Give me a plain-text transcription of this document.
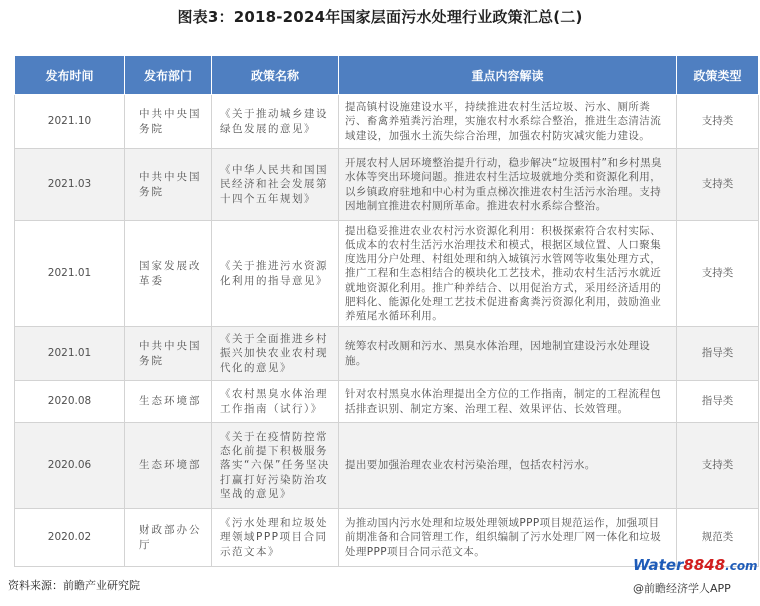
图表3：2018-2024年国家层面污水处理行业政策汇总(二)
发布时间	发布部门	政策名称	重点内容解读	政策类型
2021.10	中共中央国务院	《关于推动城乡建设绿色发展的意见》	提高镇村设施建设水平，持续推进农村生活垃圾、污水、厕所粪污、畜禽养殖粪污治理，实施农村水系综合整治，推进生态清洁流域建设，加强水土流失综合治理，加强农村防灾减灾能力建设。	支持类
2021.03	中共中央国务院	《中华人民共和国国民经济和社会发展第十四个五年规划》	开展农村人居环境整治提升行动，稳步解决“垃圾围村”和乡村黑臭水体等突出环境问题。推进农村生活垃圾就地分类和资源化利用，以乡镇政府驻地和中心村为重点梯次推进农村生活污水治理。支持因地制宜推进农村厕所革命。推进农村水系综合整治。	支持类
2021.01	国家发展改革委	《关于推进污水资源化利用的指导意见》	提出稳妥推进农业农村污水资源化利用：积极探索符合农村实际、低成本的农村生活污水治理技术和模式，根据区域位置、人口聚集度选用分户处理、村组处理和纳入城镇污水管网等收集处理方式，推广工程和生态相结合的模块化工艺技术，推动农村生活污水就近就地资源化利用。推广种养结合、以用促治方式，采用经济适用的肥料化、能源化处理工艺技术促进畜禽粪污资源化利用，鼓励渔业养殖尾水循环利用。	支持类
2021.01	中共中央国务院	《关于全面推进乡村振兴加快农业农村现代化的意见》	统筹农村改厕和污水、黑臭水体治理，因地制宜建设污水处理设施。	指导类
2020.08	生态环境部	《农村黑臭水体治理工作指南（试行）》	针对农村黑臭水体治理提出全方位的工作指南，制定的工程流程包括排查识别、制定方案、治理工程、效果评估、长效管理。	指导类
2020.06	生态环境部	《关于在疫情防控常态化前提下积极服务落实“六保”任务坚决打赢打好污染防治攻坚战的意见》	提出要加强治理农业农村污染治理，包括农村污水。	支持类
2020.02	财政部办公厅	《污水处理和垃圾处理领域PPP项目合同示范文本》	为推动国内污水处理和垃圾处理领域PPP项目规范运作，加强项目前期准备和合同管理工作，组织编制了污水处理厂网一体化和垃圾处理PPP项目合同示范文本。	规范类
资料来源：前瞻产业研究院
Water8848.com
@前瞻经济学人APP
